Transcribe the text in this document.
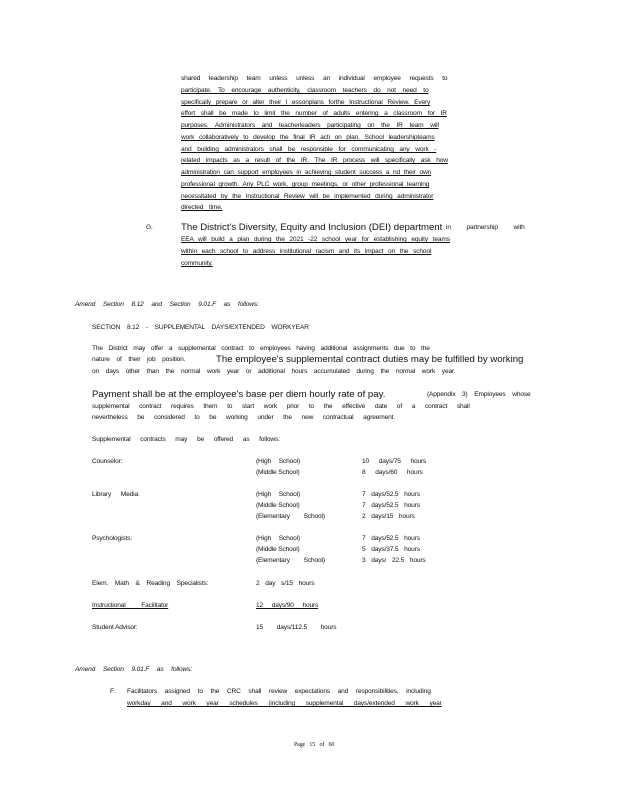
shared leadership team unless unless an individual employee requests to
participate. To encourage authenticity, classroom teachers do not need to
specifically prepare or alter their l essonplans forthe Instructional Review. Every
effort shall be made to limit the number of adults entering a classroom for IR
purposes. Administrators and teacherleaders participating on the IR team will
work collaboratively to develop the final IR acti on plan. School leadershipteams
and building administrators shall be responsible for communicating any work -
related impacts as a result of the IR. The IR process will specifically ask how
administration can support employees in achieving student success a nd their own
professional growth. Any PLC work, group meetings, or other professional learning
necessitated by the Instructional Review will be implemented during administrator
directed time.
G.	The District's Diversity, Equity and Inclusion (DEI) department in partnership with
EEA will build a plan during the 2021 -22 school year for establishing equity teams
within each school to address institutional racism and its impact on the school
community.
Amend Section 8.12 and Section 9.01.F as follows:
SECTION 8.12 - SUPPLEMENTAL DAYS/EXTENDED WORKYEAR
The District may offer a supplemental contract to employees having additional assignments due to the
nature of their job position.	The employee's supplemental contract duties may be fulfilled by working
on days other than the normal work year or additional hours accumulated during the normal work year.
Payment shall be at the employee's base per diem hourly rate of pay.	(Appendix 3) Employees whose
supplemental contract requires them to start work prior to the effective date of a contract shall
nevertheless be considered to be working under the new contractual agreement.
Supplemental contracts may be offered as follows:
Counselor:	(High School)	10 days/75 hours
(Middle School)	8 days/60 hours
Library Media:	(High School)	7 days/52.5 hours
(Middle School)	7 days/52.5 hours
(Elementary School)	2 days/15 hours
Psychologists:	(High School)	7 days/52.5 hours
(Middle School)	5 days/37.5 hours
(Elementary School)	3 days/ 22.5 hours
Elem. Math & Reading Specialists:	2 day s/15 hours
Instructional Facilitator	12 days/90 hours
Student Advisor:	15 days/112.5 hours
Amend Section 9.01.F as follows:
F. Facilitators assigned to the CRC shall review expectations and responsibilities, including
workday and work year schedules (including supplemental days/extended work year
Page 15 of 60
